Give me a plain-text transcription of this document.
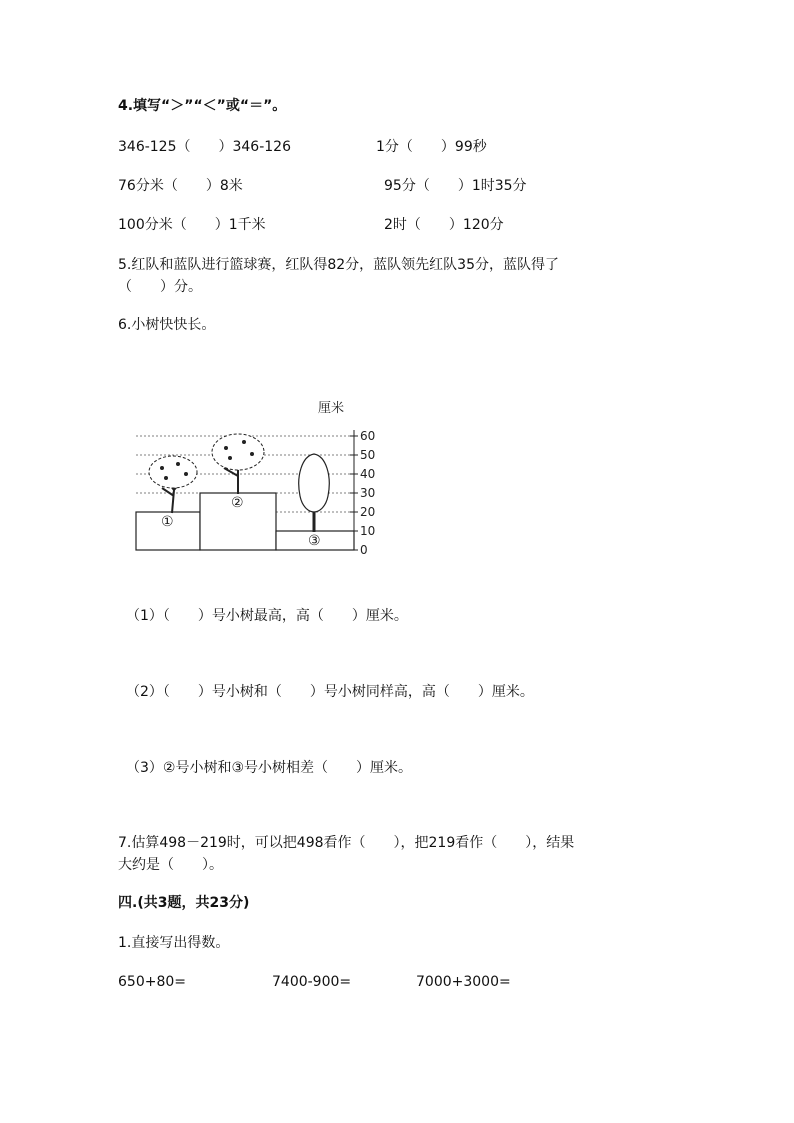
4.填写“＞”“＜”或“＝”。
346-125（　　）346-126	1分（　　）99秒
76分米（　　）8米	95分（　　）1时35分
100分米（　　）1千米	2时（　　）120分
5.红队和蓝队进行篮球赛，红队得82分，蓝队领先红队35分，蓝队得了
（　　）分。
6.小树快快长。
厘米
0
10
20
30
40
50
60
①
②
③
（1）（　　）号小树最高，高（　　）厘米。
（2）（　　）号小树和（　　）号小树同样高，高（　　）厘米。
（3）②号小树和③号小树相差（　　）厘米。
7.估算498－219时，可以把498看作（　　），把219看作（　　），结果
大约是（　　）。
四.(共3题，共23分)
1.直接写出得数。
650+80=	7400-900=	7000+3000=
